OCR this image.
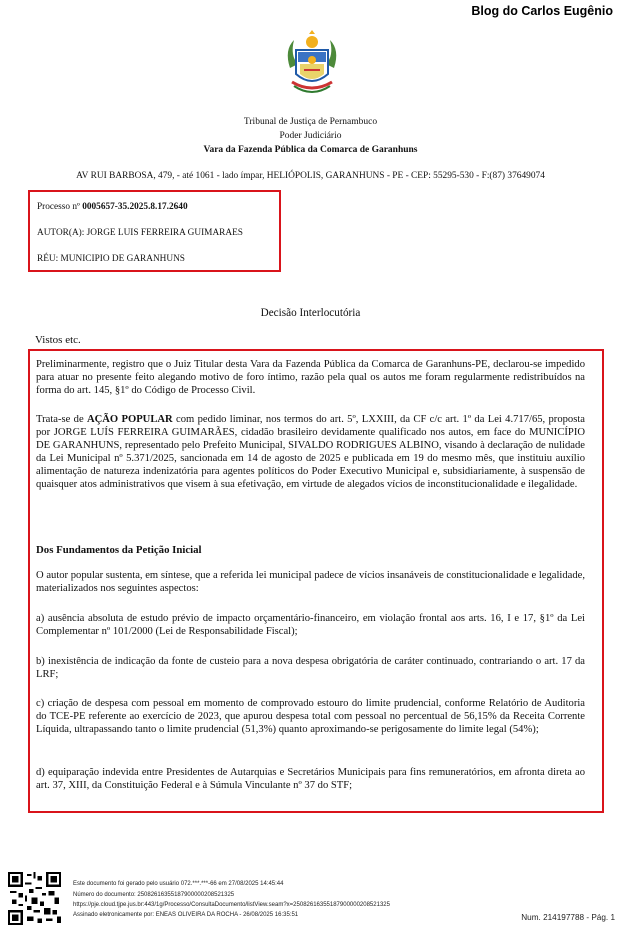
Blog do Carlos Eugênio
Tribunal de Justiça de Pernambuco
Poder Judiciário
Vara da Fazenda Pública da Comarca de Garanhuns
AV RUI BARBOSA, 479, - até 1061 - lado ímpar, HELIÓPOLIS, GARANHUNS - PE - CEP: 55295-530 - F:(87) 37649074
Processo nº 0005657-35.2025.8.17.2640
AUTOR(A): JORGE LUIS FERREIRA GUIMARAES
RÉU: MUNICIPIO DE GARANHUNS
Decisão Interlocutória
Vistos etc.
Preliminarmente, registro que o Juiz Titular desta Vara da Fazenda Pública da Comarca de Garanhuns-PE, declarou-se impedido para atuar no presente feito alegando motivo de foro íntimo, razão pela qual os autos me foram regularmente redistribuídos na forma do art. 145, §1º do Código de Processo Civil.
Trata-se de AÇÃO POPULAR com pedido liminar, nos termos do art. 5º, LXXIII, da CF c/c art. 1º da Lei 4.717/65, proposta por JORGE LUÍS FERREIRA GUIMARÃES, cidadão brasileiro devidamente qualificado nos autos, em face do MUNICÍPIO DE GARANHUNS, representado pelo Prefeito Municipal, SIVALDO RODRIGUES ALBINO, visando à declaração de nulidade da Lei Municipal nº 5.371/2025, sancionada em 14 de agosto de 2025 e publicada em 19 do mesmo mês, que instituiu auxílio alimentação de natureza indenizatória para agentes políticos do Poder Executivo Municipal e, subsidiariamente, à suspensão de quaisquer atos administrativos que visem à sua efetivação, em virtude de alegados vícios de inconstitucionalidade e ilegalidade.
Dos Fundamentos da Petição Inicial
O autor popular sustenta, em síntese, que a referida lei municipal padece de vícios insanáveis de constitucionalidade e legalidade, materializados nos seguintes aspectos:
a) ausência absoluta de estudo prévio de impacto orçamentário-financeiro, em violação frontal aos arts. 16, I e 17, §1º da Lei Complementar nº 101/2000 (Lei de Responsabilidade Fiscal);
b) inexistência de indicação da fonte de custeio para a nova despesa obrigatória de caráter continuado, contrariando o art. 17 da LRF;
c) criação de despesa com pessoal em momento de comprovado estouro do limite prudencial, conforme Relatório de Auditoria do TCE-PE referente ao exercício de 2023, que apurou despesa total com pessoal no percentual de 56,15% da Receita Corrente Líquida, ultrapassando tanto o limite prudencial (51,3%) quanto aproximando-se perigosamente do limite legal (54%);
d) equiparação indevida entre Presidentes de Autarquias e Secretários Municipais para fins remuneratórios, em afronta direta ao art. 37, XIII, da Constituição Federal e à Súmula Vinculante nº 37 do STF;
Este documento foi gerado pelo usuário 072.***.***-66 em 27/08/2025 14:45:44
Número do documento: 25082616355187900000208521325
https://pje.cloud.tjpe.jus.br:443/1g/Processo/ConsultaDocumento/listView.seam?x=25082616355187900000208521325
Assinado eletronicamente por: ENEAS OLIVEIRA DA ROCHA - 26/08/2025 16:35:51	Num. 214197788 - Pág. 1
